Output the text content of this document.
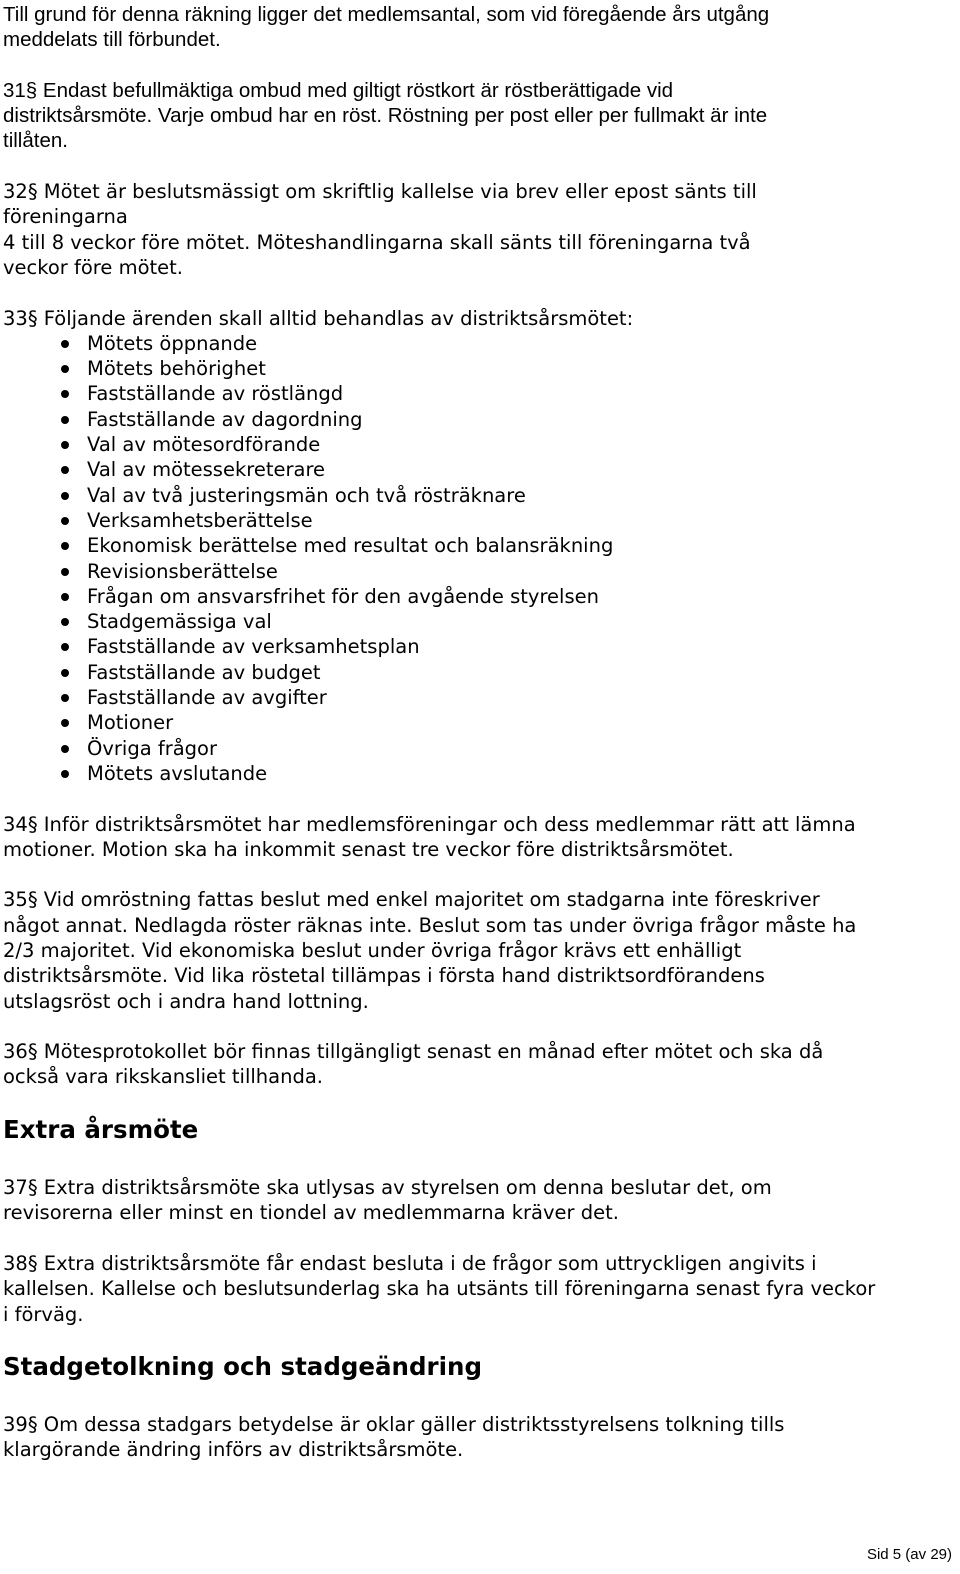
Till grund för denna räkning ligger det medlemsantal, som vid föregående års utgång
meddelats till förbundet.

31§ Endast befullmäktiga ombud med giltigt röstkort är röstberättigade vid
distriktsårsmöte. Varje ombud har en röst. Röstning per post eller per fullmakt är inte
tillåten.

32§ Mötet är beslutsmässigt om skriftlig kallelse via brev eller epost sänts till
föreningarna
4 till 8 veckor före mötet. Möteshandlingarna skall sänts till föreningarna två
veckor före mötet.

33§ Följande ärenden skall alltid behandlas av distriktsårsmötet:
Mötets öppnande
Mötets behörighet
Fastställande av röstlängd
Fastställande av dagordning
Val av mötesordförande
Val av mötessekreterare
Val av två justeringsmän och två rösträknare
Verksamhetsberättelse
Ekonomisk berättelse med resultat och balansräkning
Revisionsberättelse
Frågan om ansvarsfrihet för den avgående styrelsen
Stadgemässiga val
Fastställande av verksamhetsplan
Fastställande av budget
Fastställande av avgifter
Motioner
Övriga frågor
Mötets avslutande

34§ Inför distriktsårsmötet har medlemsföreningar och dess medlemmar rätt att lämna
motioner. Motion ska ha inkommit senast tre veckor före distriktsårsmötet.

35§ Vid omröstning fattas beslut med enkel majoritet om stadgarna inte föreskriver
något annat. Nedlagda röster räknas inte. Beslut som tas under övriga frågor måste ha
2/3 majoritet. Vid ekonomiska beslut under övriga frågor krävs ett enhälligt
distriktsårsmöte. Vid lika röstetal tillämpas i första hand distriktsordförandens
utslagsröst och i andra hand lottning.

36§ Mötesprotokollet bör finnas tillgängligt senast en månad efter mötet och ska då
också vara rikskansliet tillhanda.

Extra årsmöte

37§ Extra distriktsårsmöte ska utlysas av styrelsen om denna beslutar det, om
revisorerna eller minst en tiondel av medlemmarna kräver det.

38§ Extra distriktsårsmöte får endast besluta i de frågor som uttryckligen angivits i
kallelsen. Kallelse och beslutsunderlag ska ha utsänts till föreningarna senast fyra veckor
i förväg.

Stadgetolkning och stadgeändring

39§ Om dessa stadgars betydelse är oklar gäller distriktsstyrelsens tolkning tills
klargörande ändring införs av distriktsårsmöte.

Sid 5 (av 29)
